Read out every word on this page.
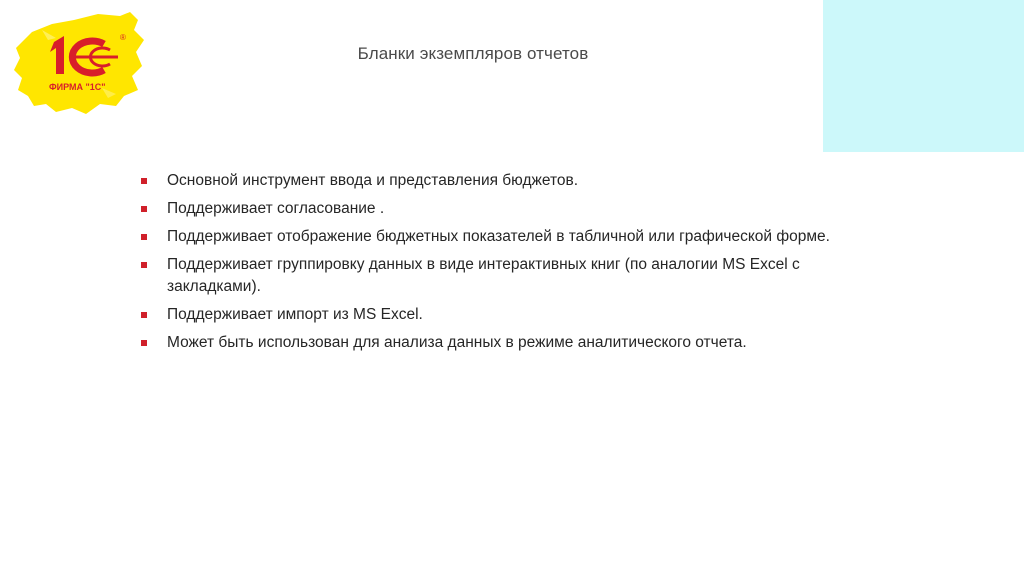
®
ФИРМА "1С"
Бланки экземпляров отчетов
Основной инструмент ввода и представления бюджетов.
Поддерживает согласование .
Поддерживает отображение бюджетных показателей в табличной или графической форме.
Поддерживает группировку данных в виде интерактивных книг (по аналогии MS Excel с закладками).
Поддерживает импорт из MS Excel.
Может быть использован для анализа данных в режиме аналитического отчета.
